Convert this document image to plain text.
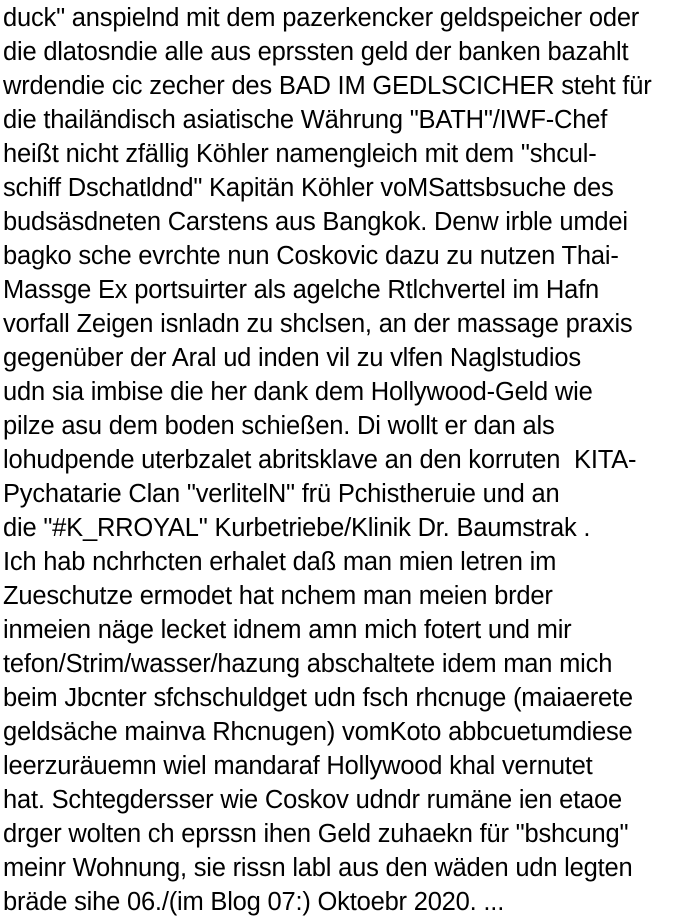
duck" anspielnd mit dem pazerkencker geldspeicher oder
die dlatosndie alle aus eprssten geld der banken bazahlt
wrdendie cic zecher des BAD IM GEDLSCICHER steht für
die thailändisch asiatische Währung "BATH"/IWF-Chef
heißt nicht zfällig Köhler namengleich mit dem "shcul-
schiff Dschatldnd" Kapitän Köhler voMSattsbsuche des
budsäsdneten Carstens aus Bangkok. Denw irble umdei
bagko sche evrchte nun Coskovic dazu zu nutzen Thai-
Massge Ex portsuirter als agelche Rtlchvertel im Hafn
vorfall Zeigen isnladn zu shclsen, an der massage praxis
gegenüber der Aral ud inden vil zu vlfen Naglstudios
udn sia imbise die her dank dem Hollywood-Geld wie
pilze asu dem boden schießen. Di wollt er dan als
lohudpende uterbzalet abritsklave an den korruten  KITA-
Pychatarie Clan "verlitelN" frü Pchistheruie und an
die "#K_RROYAL" Kurbetriebe/Klinik Dr. Baumstrak .
Ich hab nchrhcten erhalet daß man mien letren im
Zueschutze ermodet hat nchem man meien brder
inmeien näge lecket idnem amn mich fotert und mir
tefon/Strim/wasser/hazung abschaltete idem man mich
beim Jbcnter sfchschuldget udn fsch rhcnuge (maiaerete
geldsäche mainva Rhcnugen) vomKoto abbcuetumdiese
leerzuräuemn wiel mandaraf Hollywood khal vernutet
hat. Schtegdersser wie Coskov udndr rumäne ien etaoe
drger wolten ch eprssn ihen Geld zuhaekn für "bshcung"
meinr Wohnung, sie rissn labl aus den wäden udn legten
bräde sihe 06./(im Blog 07:) Oktoebr 2020. ...
